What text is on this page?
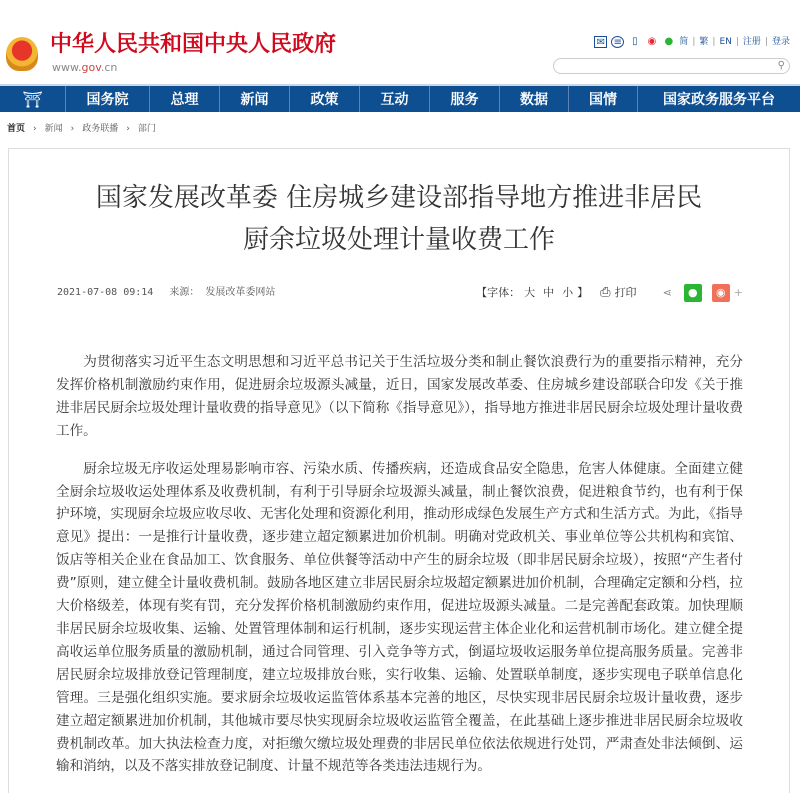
中华人民共和国中央人民政府
www.gov.cn
✉ ≡	▯ ◉ ● 简 | 繁 | EN | 注册 | 登录
⚲
⛩	国务院	总理	新闻	政策	互动	服务	数据	国情	国家政务服务平台
首页 › 新闻 › 政务联播 › 部门
国家发展改革委 住房城乡建设部指导地方推进非居民
厨余垃圾处理计量收费工作
2021-07-08 09:14 来源： 发展改革委网站	【字体： 大 中 小 】 ⎙ 打印 ⋖	●	◉ +

为贯彻落实习近平生态文明思想和习近平总书记关于生活垃圾分类和制止餐饮浪费行为的重要指示精神，充分发挥价格机制激励约束作用，促进厨余垃圾源头减量，近日，国家发展改革委、住房城乡建设部联合印发《关于推进非居民厨余垃圾处理计量收费的指导意见》（以下简称《指导意见》），指导地方推进非居民厨余垃圾处理计量收费工作。

厨余垃圾无序收运处理易影响市容、污染水质、传播疾病，还造成食品安全隐患，危害人体健康。全面建立健全厨余垃圾收运处理体系及收费机制，有利于引导厨余垃圾源头减量，制止餐饮浪费，促进粮食节约，也有利于保护环境，实现厨余垃圾应收尽收、无害化处理和资源化利用，推动形成绿色发展生产方式和生活方式。为此，《指导意见》提出：一是推行计量收费，逐步建立超定额累进加价机制。明确对党政机关、事业单位等公共机构和宾馆、饭店等相关企业在食品加工、饮食服务、单位供餐等活动中产生的厨余垃圾（即非居民厨余垃圾），按照“产生者付费”原则，建立健全计量收费机制。鼓励各地区建立非居民厨余垃圾超定额累进加价机制，合理确定定额和分档，拉大价格级差，体现有奖有罚，充分发挥价格机制激励约束作用，促进垃圾源头减量。二是完善配套政策。加快理顺非居民厨余垃圾收集、运输、处置管理体制和运行机制，逐步实现运营主体企业化和运营机制市场化。建立健全提高收运单位服务质量的激励机制，通过合同管理、引入竞争等方式，倒逼垃圾收运服务单位提高服务质量。完善非居民厨余垃圾排放登记管理制度，建立垃圾排放台账，实行收集、运输、处置联单制度，逐步实现电子联单信息化管理。三是强化组织实施。要求厨余垃圾收运监管体系基本完善的地区，尽快实现非居民厨余垃圾计量收费，逐步建立超定额累进加价机制，其他城市要尽快实现厨余垃圾收运监管全覆盖，在此基础上逐步推进非居民厨余垃圾收费机制改革。加大执法检查力度，对拒缴欠缴垃圾处理费的非居民单位依法依规进行处罚，严肃查处非法倾倒、运输和消纳，以及不落实排放登记制度、计量不规范等各类违法违规行为。
